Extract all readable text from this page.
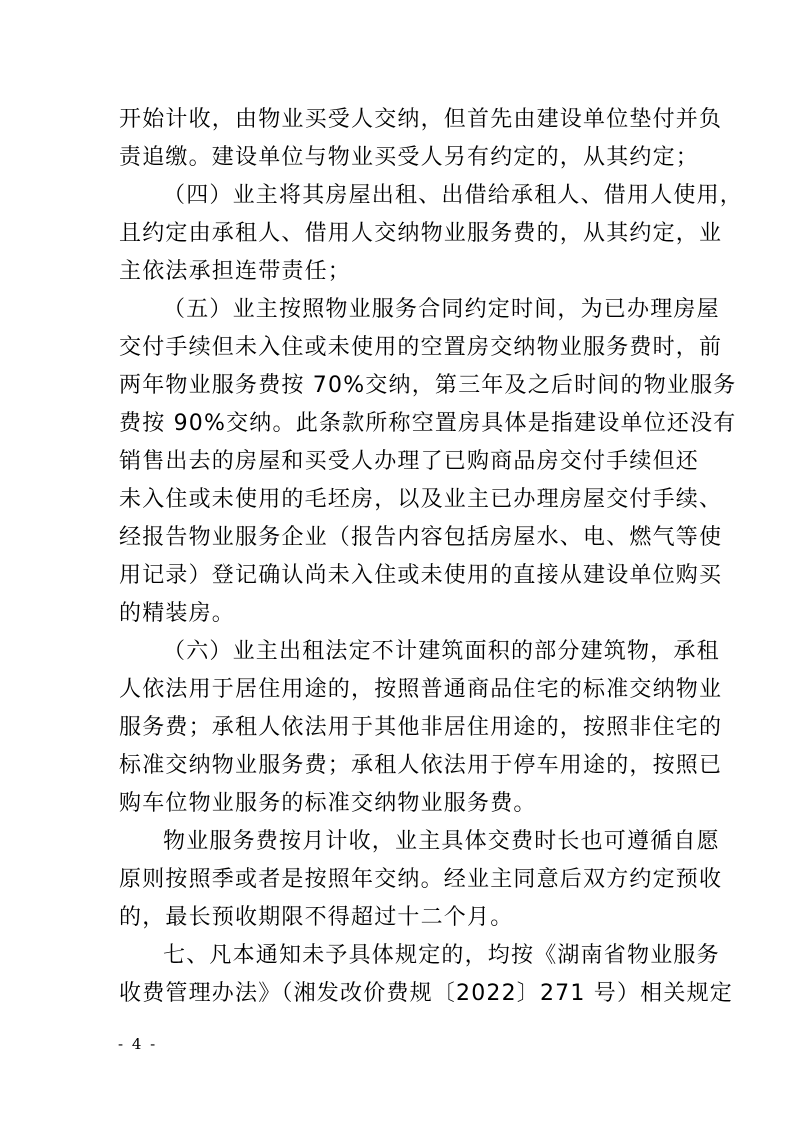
开始计收，由物业买受人交纳，但首先由建设单位垫付并负
责追缴。建设单位与物业买受人另有约定的，从其约定；
（四）业主将其房屋出租、出借给承租人、借用人使用，
且约定由承租人、借用人交纳物业服务费的，从其约定，业
主依法承担连带责任；
（五）业主按照物业服务合同约定时间，为已办理房屋
交付手续但未入住或未使用的空置房交纳物业服务费时，前
两年物业服务费按 70%交纳，第三年及之后时间的物业服务
费按 90%交纳。此条款所称空置房具体是指建设单位还没有
销售出去的房屋和买受人办理了已购商品房交付手续但还
未入住或未使用的毛坯房，以及业主已办理房屋交付手续、
经报告物业服务企业（报告内容包括房屋水、电、燃气等使
用记录）登记确认尚未入住或未使用的直接从建设单位购买
的精装房。
（六）业主出租法定不计建筑面积的部分建筑物，承租
人依法用于居住用途的，按照普通商品住宅的标准交纳物业
服务费；承租人依法用于其他非居住用途的，按照非住宅的
标准交纳物业服务费；承租人依法用于停车用途的，按照已
购车位物业服务的标准交纳物业服务费。
物业服务费按月计收，业主具体交费时长也可遵循自愿
原则按照季或者是按照年交纳。经业主同意后双方约定预收
的，最长预收期限不得超过十二个月。
七、凡本通知未予具体规定的，均按《湖南省物业服务
收费管理办法》（湘发改价费规〔2022〕271 号）相关规定
- 4 -
